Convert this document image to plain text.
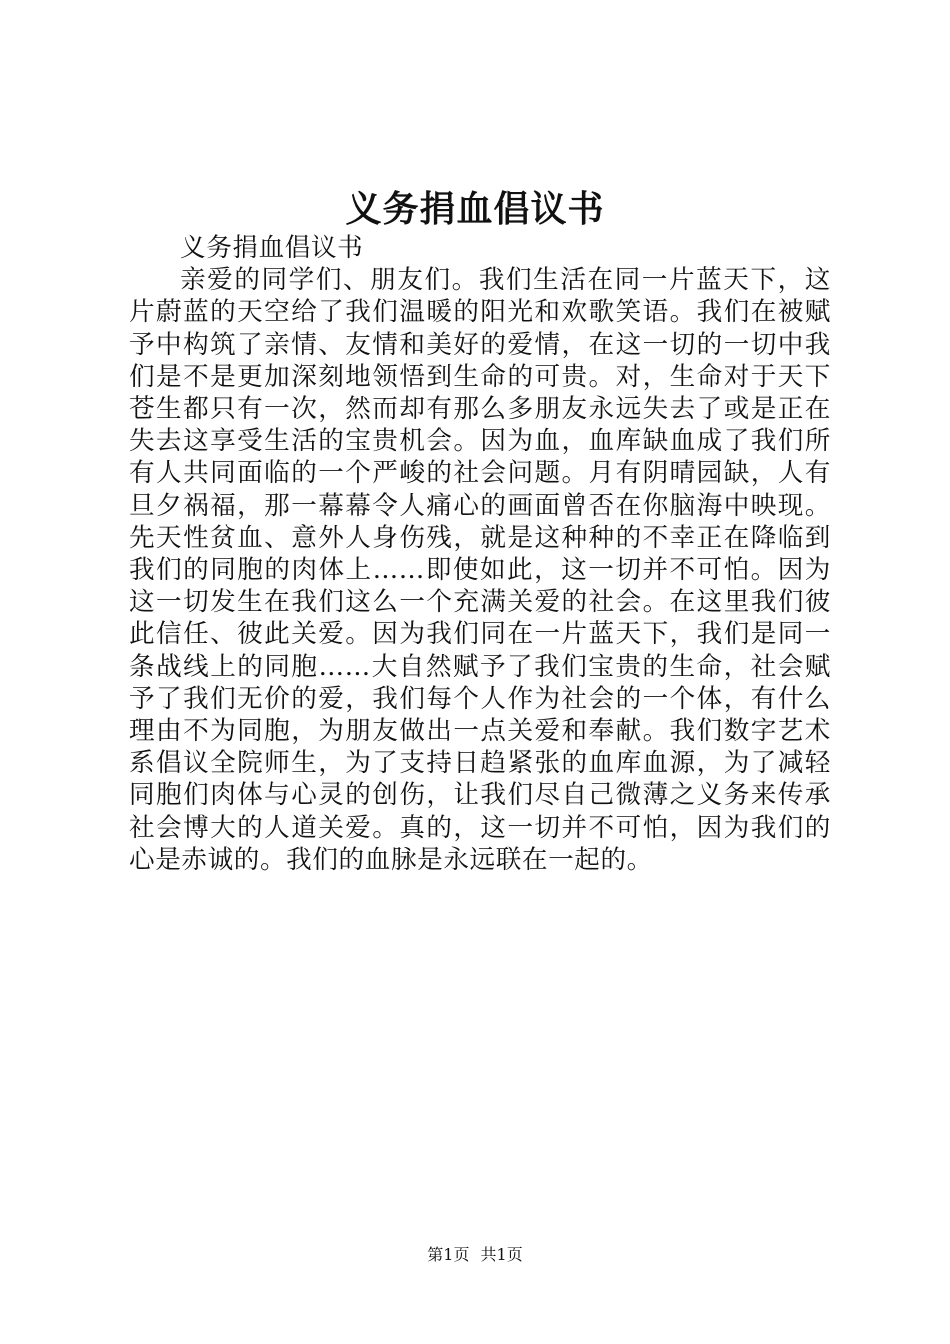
义务捐血倡议书

义务捐血倡议书

亲爱的同学们、朋友们。我们生活在同一片蓝天下，这片蔚蓝的天空给了我们温暖的阳光和欢歌笑语。我们在被赋予中构筑了亲情、友情和美好的爱情，在这一切的一切中我们是不是更加深刻地领悟到生命的可贵。对，生命对于天下苍生都只有一次，然而却有那么多朋友永远失去了或是正在失去这享受生活的宝贵机会。因为血，血库缺血成了我们所有人共同面临的一个严峻的社会问题。月有阴晴园缺，人有旦夕祸福，那一幕幕令人痛心的画面曾否在你脑海中映现。先天性贫血、意外人身伤残，就是这种种的不幸正在降临到我们的同胞的肉体上……即使如此，这一切并不可怕。因为这一切发生在我们这么一个充满关爱的社会。在这里我们彼此信任、彼此关爱。因为我们同在一片蓝天下，我们是同一条战线上的同胞……大自然赋予了我们宝贵的生命，社会赋予了我们无价的爱，我们每个人作为社会的一个体，有什么理由不为同胞，为朋友做出一点关爱和奉献。我们数字艺术系倡议全院师生，为了支持日趋紧张的血库血源，为了减轻同胞们肉体与心灵的创伤，让我们尽自己微薄之义务来传承社会博大的人道关爱。真的，这一切并不可怕，因为我们的心是赤诚的。我们的血脉是永远联在一起的。

第1页 共1页
